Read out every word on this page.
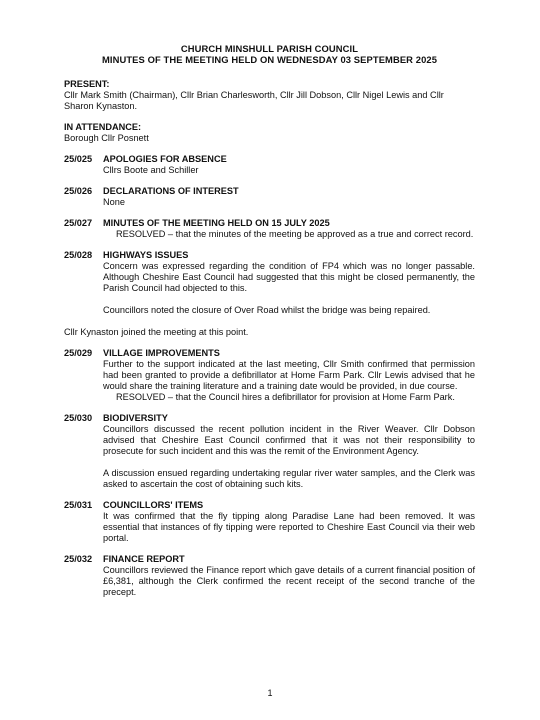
CHURCH MINSHULL PARISH COUNCIL
MINUTES OF THE MEETING HELD ON WEDNESDAY 03 SEPTEMBER 2025
PRESENT:
Cllr Mark Smith (Chairman), Cllr Brian Charlesworth, Cllr Jill Dobson, Cllr Nigel Lewis and Cllr Sharon Kynaston.
IN ATTENDANCE:
Borough Cllr Posnett
25/025	APOLOGIES FOR ABSENCE
Cllrs Boote and Schiller
25/026	DECLARATIONS OF INTEREST
None
25/027	MINUTES OF THE MEETING HELD ON 15 JULY 2025
RESOLVED – that the minutes of the meeting be approved as a true and correct record.
25/028	HIGHWAYS ISSUES
Concern was expressed regarding the condition of FP4 which was no longer passable. Although Cheshire East Council had suggested that this might be closed permanently, the Parish Council had objected to this.
Councillors noted the closure of Over Road whilst the bridge was being repaired.
Cllr Kynaston joined the meeting at this point.
25/029	VILLAGE IMPROVEMENTS
Further to the support indicated at the last meeting, Cllr Smith confirmed that permission had been granted to provide a defibrillator at Home Farm Park. Cllr Lewis advised that he would share the training literature and a training date would be provided, in due course.
RESOLVED – that the Council hires a defibrillator for provision at Home Farm Park.
25/030	BIODIVERSITY
Councillors discussed the recent pollution incident in the River Weaver. Cllr Dobson advised that Cheshire East Council confirmed that it was not their responsibility to prosecute for such incident and this was the remit of the Environment Agency.
A discussion ensued regarding undertaking regular river water samples, and the Clerk was asked to ascertain the cost of obtaining such kits.
25/031	COUNCILLORS' ITEMS
It was confirmed that the fly tipping along Paradise Lane had been removed. It was essential that instances of fly tipping were reported to Cheshire East Council via their web portal.
25/032	FINANCE REPORT
Councillors reviewed the Finance report which gave details of a current financial position of £6,381, although the Clerk confirmed the recent receipt of the second tranche of the precept.
1
